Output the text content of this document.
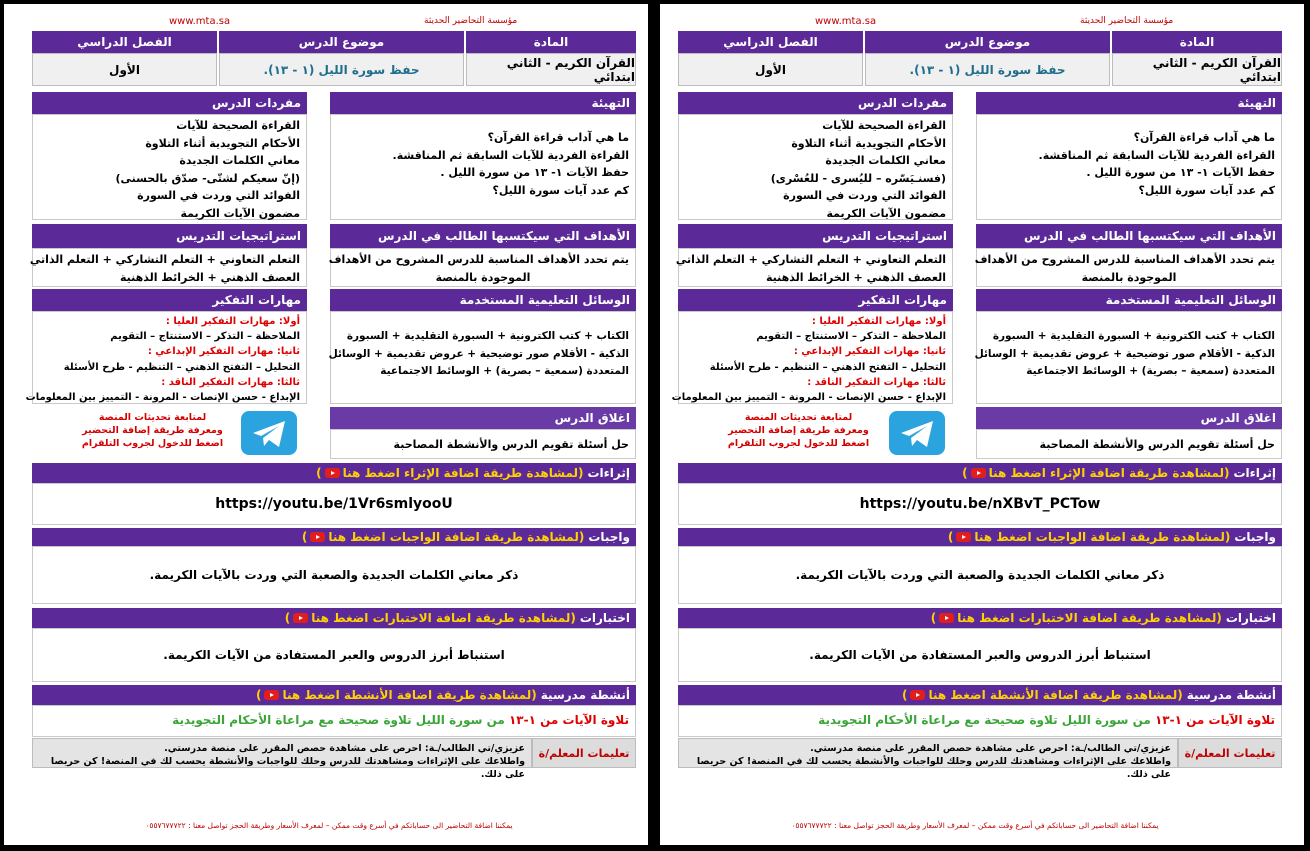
www.mta.sa	مؤسسة التحاضير الحديثة
المادة
موضوع الدرس
الفصل الدراسي
القرآن الكريم - الثاني ابتدائي
حفظ سورة الليل (١ - ١٣).
الأول
التهيئة
ما هي آداب قراءة القرآن؟
القراءة الفردية للآيات السابقة ثم المناقشة.
حفظ الآيات ١- ١٣ من سورة الليل .
كم عدد آيات سورة الليل؟
مفردات الدرس
القراءة الصحيحة للآيات
الأحكام التجويدية أثناء التلاوة
معاني الكلمات الجديدة
(إنّ سعيكم لشتّى- صدّق بالحسنى)
الفوائد التي وردت في السورة
مضمون الآيات الكريمة
الأهداف التي سيكتسبها الطالب في الدرس
يتم تحدد الأهداف المناسبة للدرس المشروح من الأهداف
الموجودة بالمنصة
استراتيجيات التدريس
التعلم التعاوني + التعلم التشاركي + التعلم الذاتي
العصف الذهني + الخرائط الذهنية
الوسائل التعليمية المستخدمة
الكتاب + كتب الكترونية + السبورة التقليدية + السبورة
الذكية - الأقلام صور توضيحية + عروض تقديمية + الوسائل
المتعددة (سمعية – بصرية) + الوسائط الاجتماعية
مهارات التفكير
أولا: مهارات التفكير العليا :
الملاحظة – التذكر – الاستنتاج – التقويم
ثانيا: مهارات التفكير الإبداعي :
التحليل – التفتح الذهني – التنظيم - طرح الأسئلة
ثالثا: مهارات التفكير الناقد :
الإبداع - حسن الإنصات - المرونة - التمييز بين المعلومات
لمتابعة تحديثات المنصة
ومعرفة طريقة إضافة التحضير
اضغط للدخول لجروب التلقرام
اغلاق الدرس
حل أسئلة تقويم الدرس والأنشطة المصاحبة
إثراءات
(لمشاهدة طريقة اضافة الإثراء اضغط هنا
)
https://youtu.be/1Vr6smlyooU
واجبات
(لمشاهدة طريقة اضافة الواجبات اضغط هنا
)
ذكر معاني الكلمات الجديدة والصعبة التي وردت بالآيات الكريمة.
اختبارات
(لمشاهدة طريقة اضافة الاختبارات اضغط هنا
)
استنباط أبرز الدروس والعبر المستفادة من الآيات الكريمة.
أنشطة مدرسية
(لمشاهدة طريقة اضافة الأنشطة اضغط هنا
)
تلاوة الآيات من ١-١٣ من سورة الليل تلاوة صحيحة مع مراعاة الأحكام التجويدية
تعليمات المعلم/ة
عزيزي/تي الطالب/ـة: احرص على مشاهدة حصص المقرر على منصة مدرستي.
واطلاعك على الإثراءات ومشاهدتك للدرس وحلك للواجبات والأنشطة يحسب لك في المنصة! كن حريصا على ذلك.
يمكننا اضافة التحاضير الى حساباتكم في أسرع وقت ممكن – لمعرف الأسعار وطريقة الحجز تواصل معنا : ٠٥٥٧٦٧٧٧٢٢
www.mta.sa	مؤسسة التحاضير الحديثة
المادة
موضوع الدرس
الفصل الدراسي
القرآن الكريم - الثاني ابتدائي
حفظ سورة الليل (١ - ١٣).
الأول
التهيئة
ما هي آداب قراءة القرآن؟
القراءة الفردية للآيات السابقة ثم المناقشة.
حفظ الآيات ١- ١٣ من سورة الليل .
كم عدد آيات سورة الليل؟
مفردات الدرس
القراءة الصحيحة للآيات
الأحكام التجويدية أثناء التلاوة
معاني الكلمات الجديدة
(فسنـيَسّره – لليُسرى - للعُسْرى)
الفوائد التي وردت في السورة
مضمون الآيات الكريمة
الأهداف التي سيكتسبها الطالب في الدرس
يتم تحدد الأهداف المناسبة للدرس المشروح من الأهداف
الموجودة بالمنصة
استراتيجيات التدريس
التعلم التعاوني + التعلم التشاركي + التعلم الذاتي
العصف الذهني + الخرائط الذهنية
الوسائل التعليمية المستخدمة
الكتاب + كتب الكترونية + السبورة التقليدية + السبورة
الذكية - الأقلام صور توضيحية + عروض تقديمية + الوسائل
المتعددة (سمعية – بصرية) + الوسائط الاجتماعية
مهارات التفكير
أولا: مهارات التفكير العليا :
الملاحظة – التذكر – الاستنتاج – التقويم
ثانيا: مهارات التفكير الإبداعي :
التحليل – التفتح الذهني – التنظيم - طرح الأسئلة
ثالثا: مهارات التفكير الناقد :
الإبداع - حسن الإنصات - المرونة - التمييز بين المعلومات
لمتابعة تحديثات المنصة
ومعرفة طريقة إضافة التحضير
اضغط للدخول لجروب التلقرام
اغلاق الدرس
حل أسئلة تقويم الدرس والأنشطة المصاحبة
إثراءات
(لمشاهدة طريقة اضافة الإثراء اضغط هنا
)
https://youtu.be/nXBvT_PCTow
واجبات
(لمشاهدة طريقة اضافة الواجبات اضغط هنا
)
ذكر معاني الكلمات الجديدة والصعبة التي وردت بالآيات الكريمة.
اختبارات
(لمشاهدة طريقة اضافة الاختبارات اضغط هنا
)
استنباط أبرز الدروس والعبر المستفادة من الآيات الكريمة.
أنشطة مدرسية
(لمشاهدة طريقة اضافة الأنشطة اضغط هنا
)
تلاوة الآيات من ١-١٣ من سورة الليل تلاوة صحيحة مع مراعاة الأحكام التجويدية
تعليمات المعلم/ة
عزيزي/تي الطالب/ـة: احرص على مشاهدة حصص المقرر على منصة مدرستي.
واطلاعك على الإثراءات ومشاهدتك للدرس وحلك للواجبات والأنشطة يحسب لك في المنصة! كن حريصا على ذلك.
يمكننا اضافة التحاضير الى حساباتكم في أسرع وقت ممكن – لمعرف الأسعار وطريقة الحجز تواصل معنا : ٠٥٥٧٦٧٧٧٢٢
